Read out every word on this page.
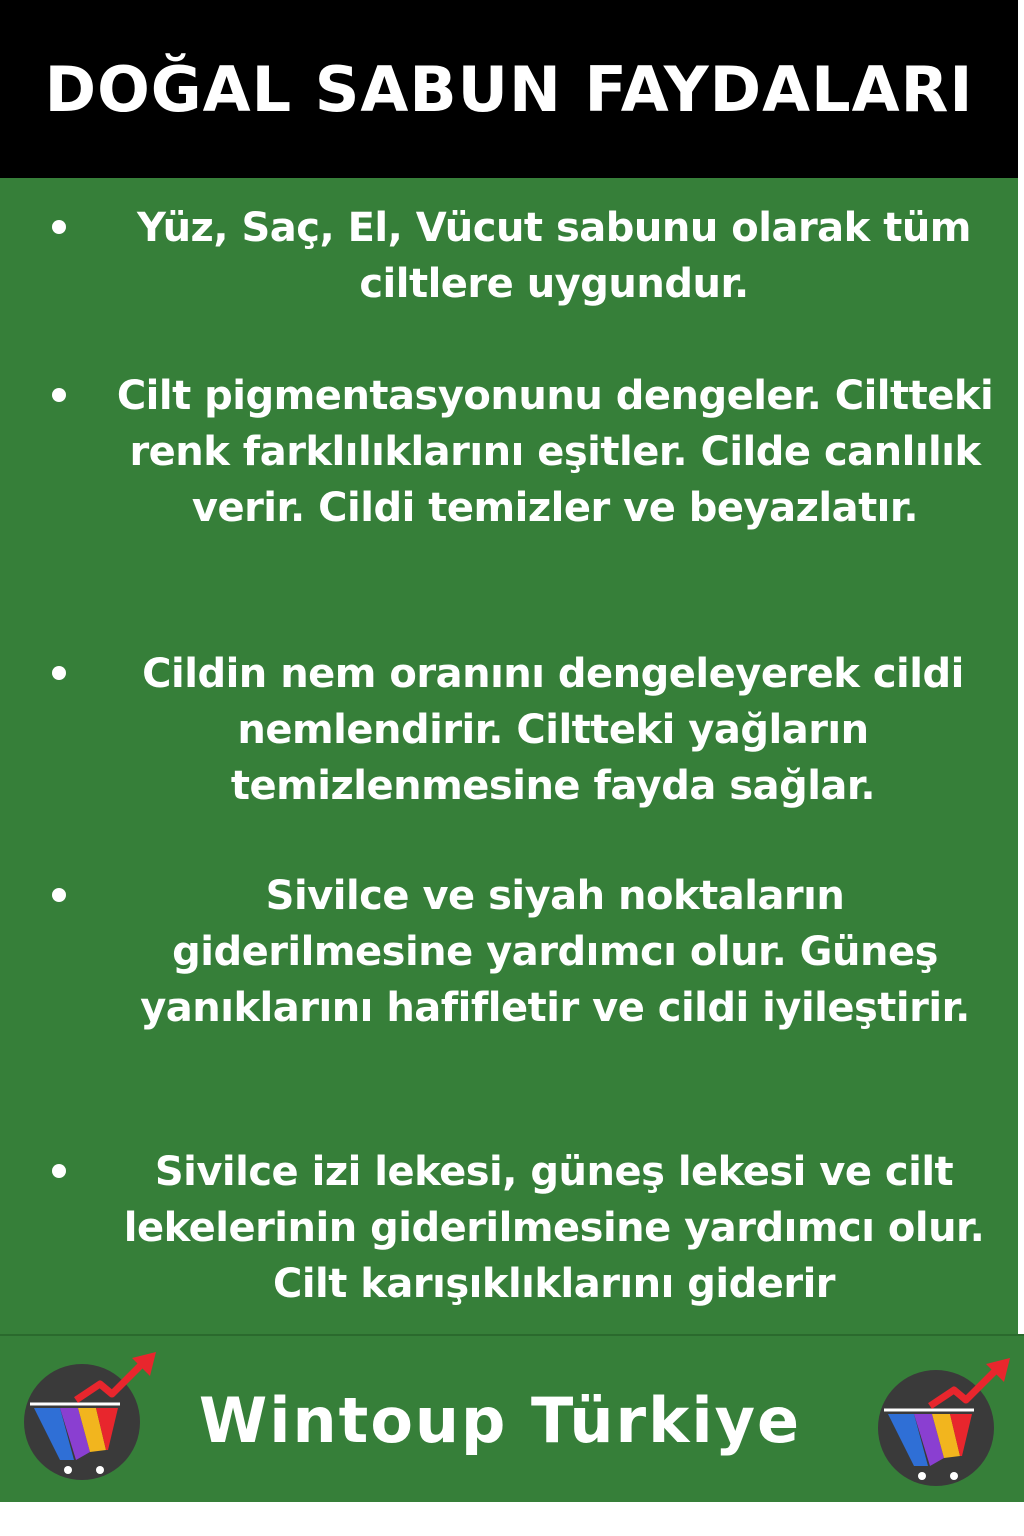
DOĞAL SABUN FAYDALARI

Yüz, Saç, El, Vücut sabunu olarak tüm ciltlere uygundur.

Cilt pigmentasyonunu dengeler. Ciltteki renk farklılıklarını eşitler. Cilde canlılık verir. Cildi temizler ve beyazlatır.

Cildin nem oranını dengeleyerek cildi nemlendirir. Ciltteki yağların temizlenmesine fayda sağlar.

Sivilce ve siyah noktaların giderilmesine yardımcı olur. Güneş yanıklarını hafifletir ve cildi iyileştirir.

Sivilce izi lekesi, güneş lekesi ve cilt lekelerinin giderilmesine yardımcı olur. Cilt karışıklıklarını giderir

Wintoup Türkiye
